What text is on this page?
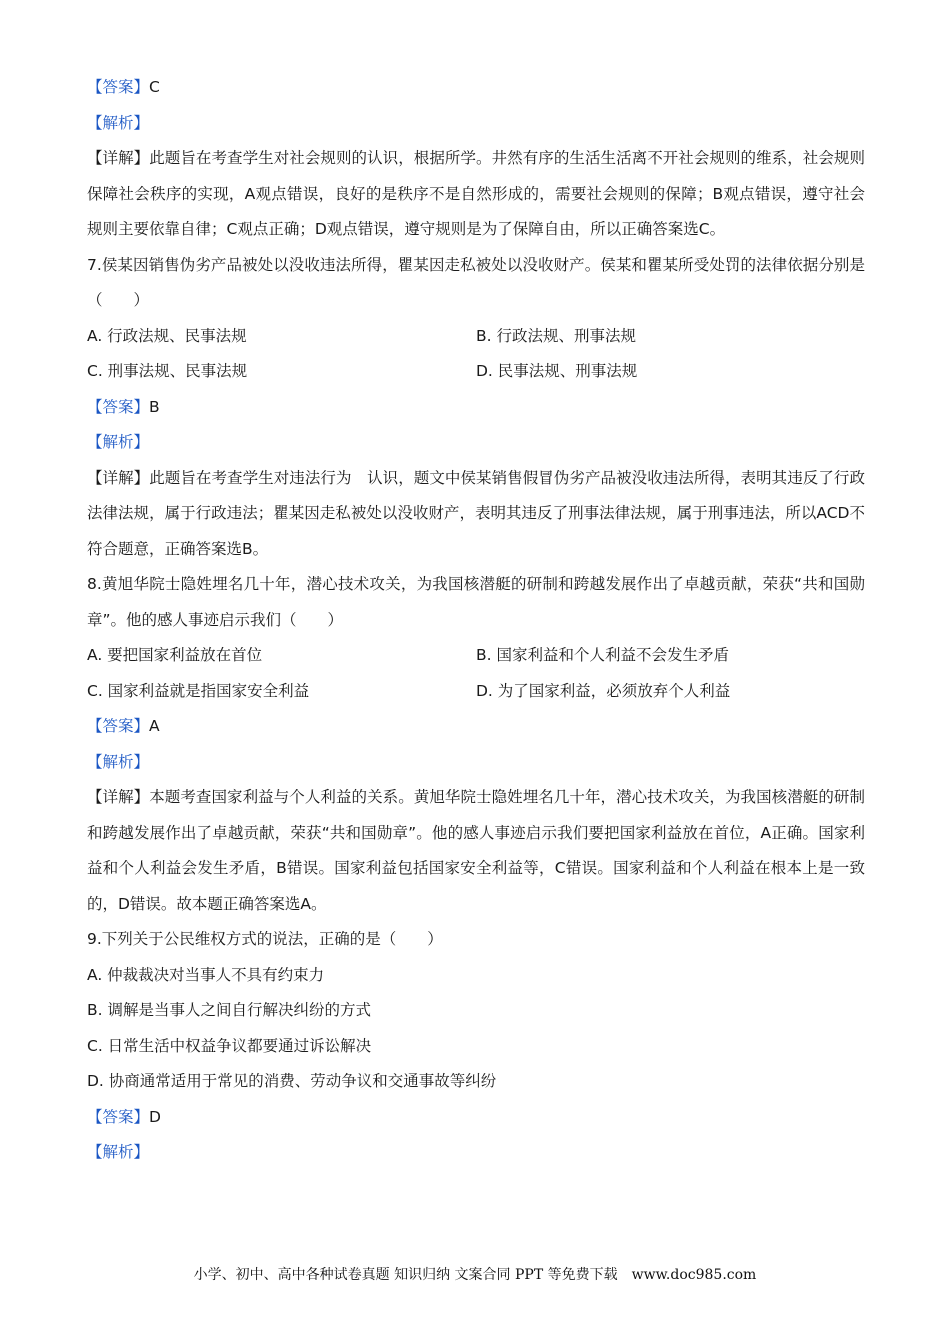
【答案】C
【解析】
【详解】此题旨在考查学生对社会规则的认识，根据所学。井然有序的生活生活离不开社会规则的维系，社会规则保障社会秩序的实现，A观点错误，良好的是秩序不是自然形成的，需要社会规则的保障；B观点错误，遵守社会规则主要依靠自律；C观点正确；D观点错误，遵守规则是为了保障自由，所以正确答案选C。
7.侯某因销售伪劣产品被处以没收违法所得，瞿某因走私被处以没收财产。侯某和瞿某所受处罚的法律依据分别是（　　）
A. 行政法规、民事法规	B. 行政法规、刑事法规
C. 刑事法规、民事法规	D. 民事法规、刑事法规
【答案】B
【解析】
【详解】此题旨在考查学生对违法行为　认识，题文中侯某销售假冒伪劣产品被没收违法所得，表明其违反了行政法律法规，属于行政违法；瞿某因走私被处以没收财产，表明其违反了刑事法律法规，属于刑事违法，所以ACD不符合题意，正确答案选B。
8.黄旭华院士隐姓埋名几十年，潜心技术攻关，为我国核潜艇的研制和跨越发展作出了卓越贡献，荣获“共和国勋章”。他的感人事迹启示我们（　　）
A. 要把国家利益放在首位	B. 国家利益和个人利益不会发生矛盾
C. 国家利益就是指国家安全利益	D. 为了国家利益，必须放弃个人利益
【答案】A
【解析】
【详解】本题考查国家利益与个人利益的关系。黄旭华院士隐姓埋名几十年，潜心技术攻关，为我国核潜艇的研制和跨越发展作出了卓越贡献，荣获“共和国勋章”。他的感人事迹启示我们要把国家利益放在首位，A正确。国家利益和个人利益会发生矛盾，B错误。国家利益包括国家安全利益等，C错误。国家利益和个人利益在根本上是一致的，D错误。故本题正确答案选A。
9.下列关于公民维权方式的说法，正确的是（　　）
A. 仲裁裁决对当事人不具有约束力
B. 调解是当事人之间自行解决纠纷的方式
C. 日常生活中权益争议都要通过诉讼解决
D. 协商通常适用于常见的消费、劳动争议和交通事故等纠纷
【答案】D
【解析】
小学、初中、高中各种试卷真题 知识归纳 文案合同 PPT 等免费下载　www.doc985.com
